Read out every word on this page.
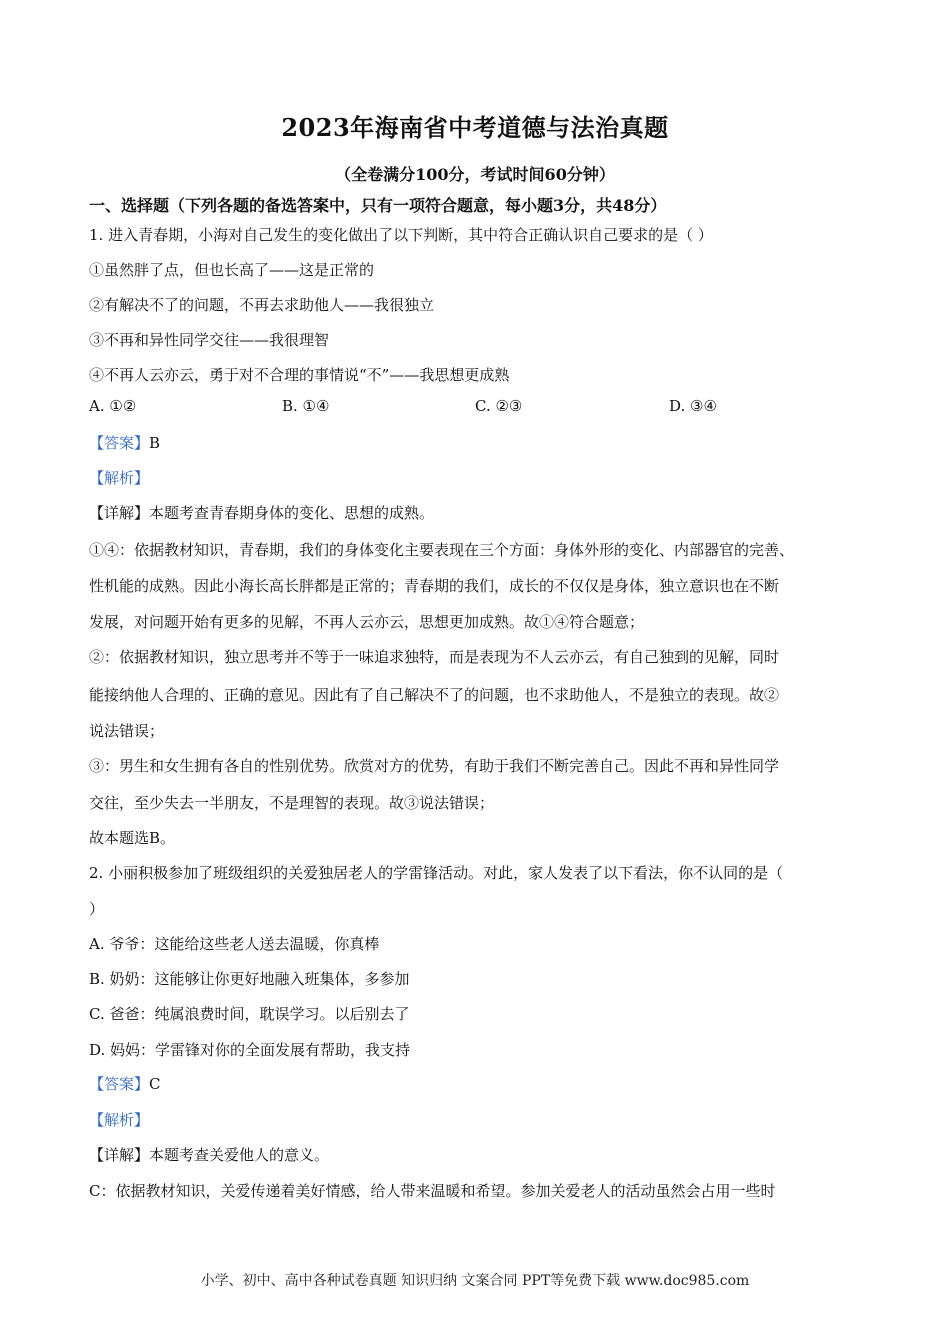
2023年海南省中考道德与法治真题
（全卷满分100分，考试时间60分钟）
一、选择题（下列各题的备选答案中，只有一项符合题意，每小题3分，共48分）
1. 进入青春期，小海对自己发生的变化做出了以下判断，其中符合正确认识自己要求的是（ ）
①虽然胖了点，但也长高了——这是正常的
②有解决不了的问题，不再去求助他人——我很独立
③不再和异性同学交往——我很理智
④不再人云亦云，勇于对不合理的事情说“不”——我思想更成熟
A. ①②	B. ①④	C. ②③	D. ③④
【答案】B
【解析】
【详解】本题考查青春期身体的变化、思想的成熟。
①④：依据教材知识，青春期，我们的身体变化主要表现在三个方面：身体外形的变化、内部器官的完善、
性机能的成熟。因此小海长高长胖都是正常的；青春期的我们，成长的不仅仅是身体，独立意识也在不断
发展，对问题开始有更多的见解，不再人云亦云，思想更加成熟。故①④符合题意；
②：依据教材知识，独立思考并不等于一味追求独特，而是表现为不人云亦云，有自己独到的见解，同时
能接纳他人合理的、正确的意见。因此有了自己解决不了的问题，也不求助他人，不是独立的表现。故②
说法错误；
③：男生和女生拥有各自的性别优势。欣赏对方的优势，有助于我们不断完善自己。因此不再和异性同学
交往，至少失去一半朋友，不是理智的表现。故③说法错误；
故本题选B。
2. 小丽积极参加了班级组织的关爱独居老人的学雷锋活动。对此，家人发表了以下看法，你不认同的是（
）
A. 爷爷：这能给这些老人送去温暖，你真棒
B. 奶奶：这能够让你更好地融入班集体，多参加
C. 爸爸：纯属浪费时间，耽误学习。以后别去了
D. 妈妈：学雷锋对你的全面发展有帮助，我支持
【答案】C
【解析】
【详解】本题考查关爱他人的意义。
C：依据教材知识，关爱传递着美好情感，给人带来温暖和希望。参加关爱老人的活动虽然会占用一些时
小学、初中、高中各种试卷真题 知识归纳 文案合同 PPT等免费下载 www.doc985.com
